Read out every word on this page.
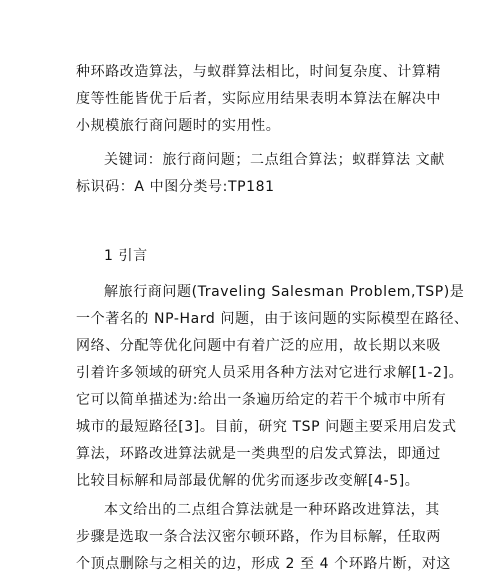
种环路改造算法，与蚁群算法相比，时间复杂度、计算精
度等性能皆优于后者，实际应用结果表明本算法在解决中
小规模旅行商问题时的实用性。
关键词：旅行商问题；二点组合算法；蚁群算法 文献
标识码：A 中图分类号:TP181
1 引言
解旅行商问题(Traveling Salesman Problem,TSP)是
一个著名的 NP-Hard 问题，由于该问题的实际模型在路径、
网络、分配等优化问题中有着广泛的应用，故长期以来吸
引着许多领域的研究人员采用各种方法对它进行求解[1-2]。
它可以简单描述为:给出一条遍历给定的若干个城市中所有
城市的最短路径[3]。目前，研究 TSP 问题主要采用启发式
算法，环路改进算法就是一类典型的启发式算法，即通过
比较目标解和局部最优解的优劣而逐步改变解[4-5]。
本文给出的二点组合算法就是一种环路改进算法，其
步骤是选取一条合法汉密尔顿环路，作为目标解，任取两
个顶点删除与之相关的边，形成 2 至 4 个环路片断，对这
